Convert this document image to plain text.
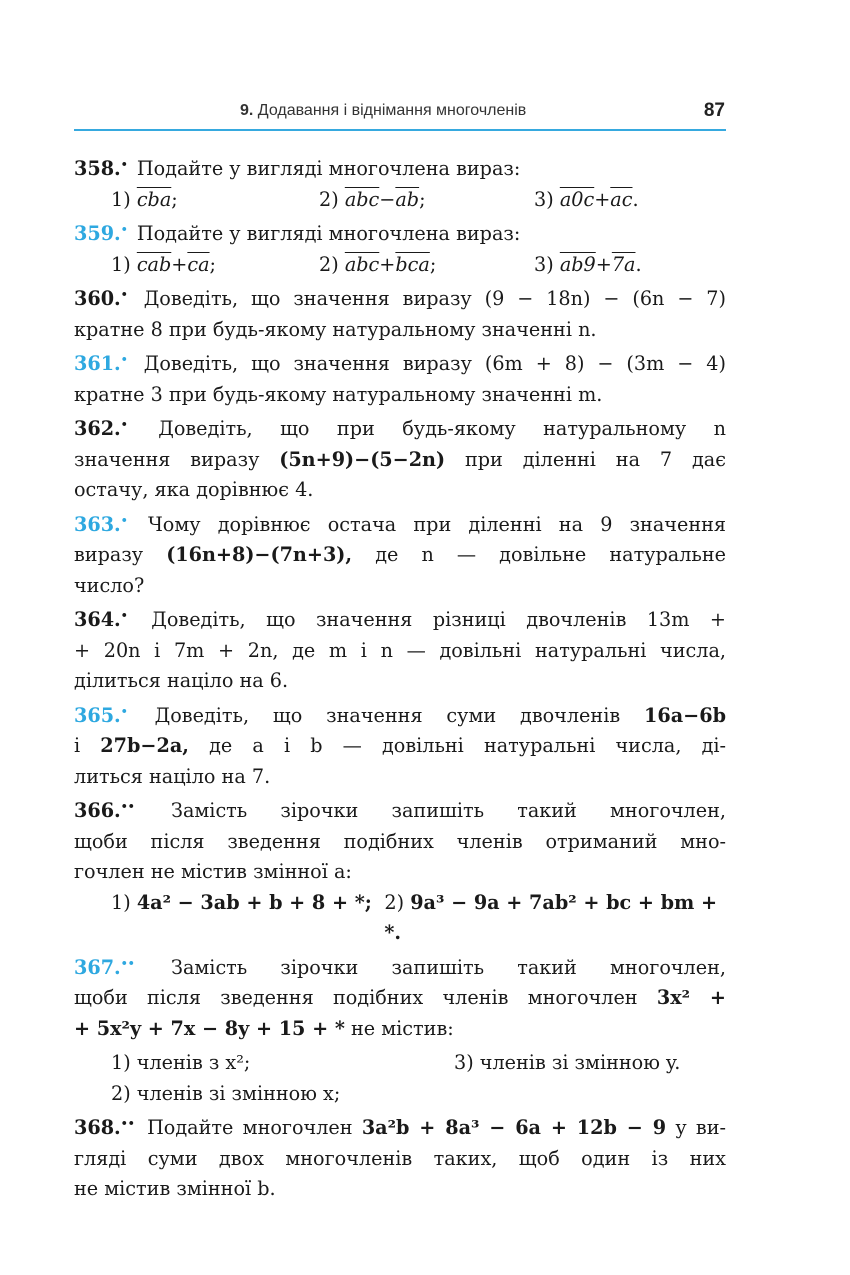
9. Додавання і віднімання многочленів	87
358.• Подайте у вигляді многочлена вираз:
1) $\overline{cba}$;	2) $\overline{abc}-\overline{ab}$;	3) $a0c+\overline{ac}$.
359.• Подайте у вигляді многочлена вираз:
1) $\overline{cab}+\overline{ca}$;	2) $\overline{abc}+\overline{bca}$;	3) ab9+7a.
360.• Доведіть, що значення виразу (9 − 18n) − (6n − 7)
кратне 8 при будь-якому натуральному значенні n.
361.• Доведіть, що значення виразу (6m + 8) − (3m − 4)
кратне 3 при будь-якому натуральному значенні m.
362.• Доведіть, що при будь-якому натуральному n
значення виразу (5n+9)−(5−2n) при діленні на 7 дає
остачу, яка дорівнює 4.
363.• Чому дорівнює остача при діленні на 9 значення
виразу (16n+8)−(7n+3), де n — довільне натуральне
число?
364.• Доведіть, що значення різниці двочленів 13m +
+ 20n і 7m + 2n, де m і n — довільні натуральні числа,
ділиться націло на 6.
365.• Доведіть, що значення суми двочленів 16a−6b
і 27b−2a, де a і b — довільні натуральні числа, ді-
литься націло на 7.
366.•• Замість зірочки запишіть такий многочлен,
щоби після зведення подібних членів отриманий мно-
гочлен не містив змінної a:
1) 4a² − 3ab + b + 8 + *; 2) 9a³ − 9a + 7ab² + bc + bm + *.
367.•• Замість зірочки запишіть такий многочлен,
щоби після зведення подібних членів многочлен 3x² +
+ 5x²y + 7x − 8y + 15 + * не містив:
1) членів з x²;	3) членів зі змінною y.
2) членів зі змінною x;
368.•• Подайте многочлен 3a²b + 8a³ − 6a + 12b − 9 у ви-
гляді суми двох многочленів таких, щоб один із них
не містив змінної b.
